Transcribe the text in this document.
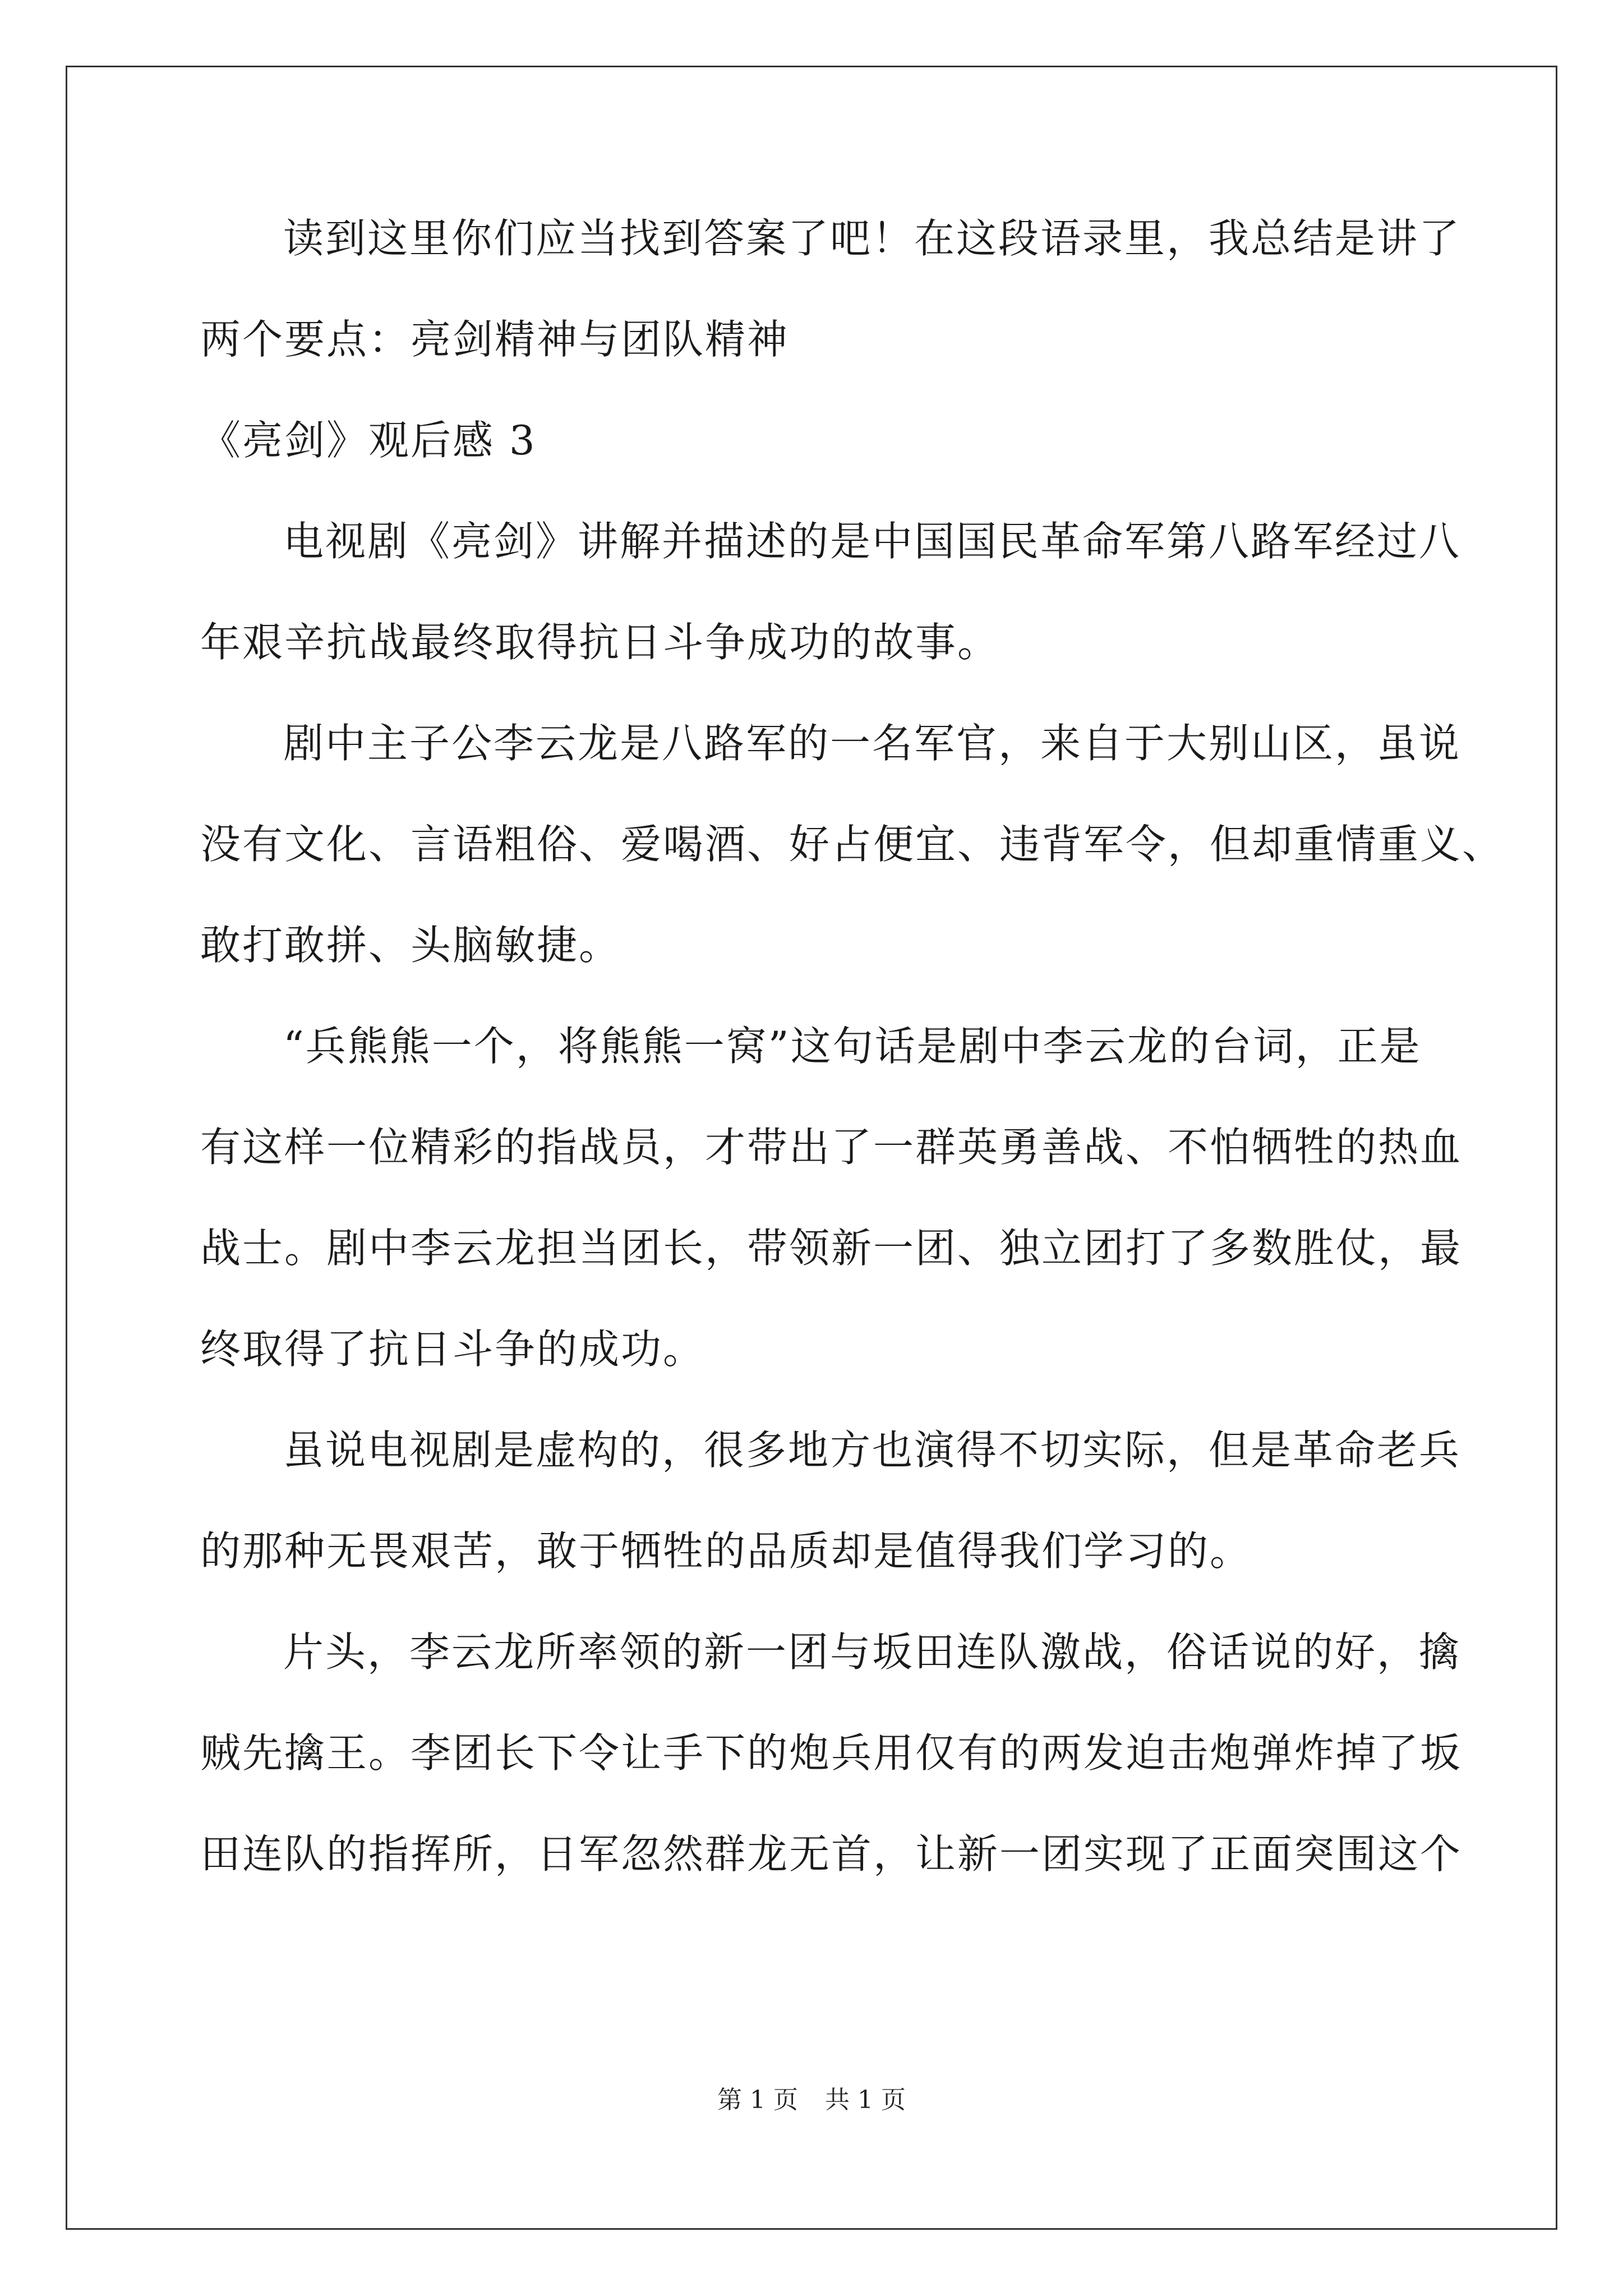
读到这里你们应当找到答案了吧！在这段语录里，我总结是讲了
两个要点：亮剑精神与团队精神
《亮剑》观后感 3
电视剧《亮剑》讲解并描述的是中国国民革命军第八路军经过八
年艰辛抗战最终取得抗日斗争成功的故事。
剧中主子公李云龙是八路军的一名军官，来自于大别山区，虽说
没有文化、言语粗俗、爱喝酒、好占便宜、违背军令，但却重情重义、
敢打敢拼、头脑敏捷。
“兵熊熊一个，将熊熊一窝”这句话是剧中李云龙的台词，正是
有这样一位精彩的指战员，才带出了一群英勇善战、不怕牺牲的热血
战士。剧中李云龙担当团长，带领新一团、独立团打了多数胜仗，最
终取得了抗日斗争的成功。
虽说电视剧是虚构的，很多地方也演得不切实际，但是革命老兵
的那种无畏艰苦，敢于牺牲的品质却是值得我们学习的。
片头，李云龙所率领的新一团与坂田连队激战，俗话说的好，擒
贼先擒王。李团长下令让手下的炮兵用仅有的两发迫击炮弹炸掉了坂
田连队的指挥所，日军忽然群龙无首，让新一团实现了正面突围这个
第 1 页 共 1 页
